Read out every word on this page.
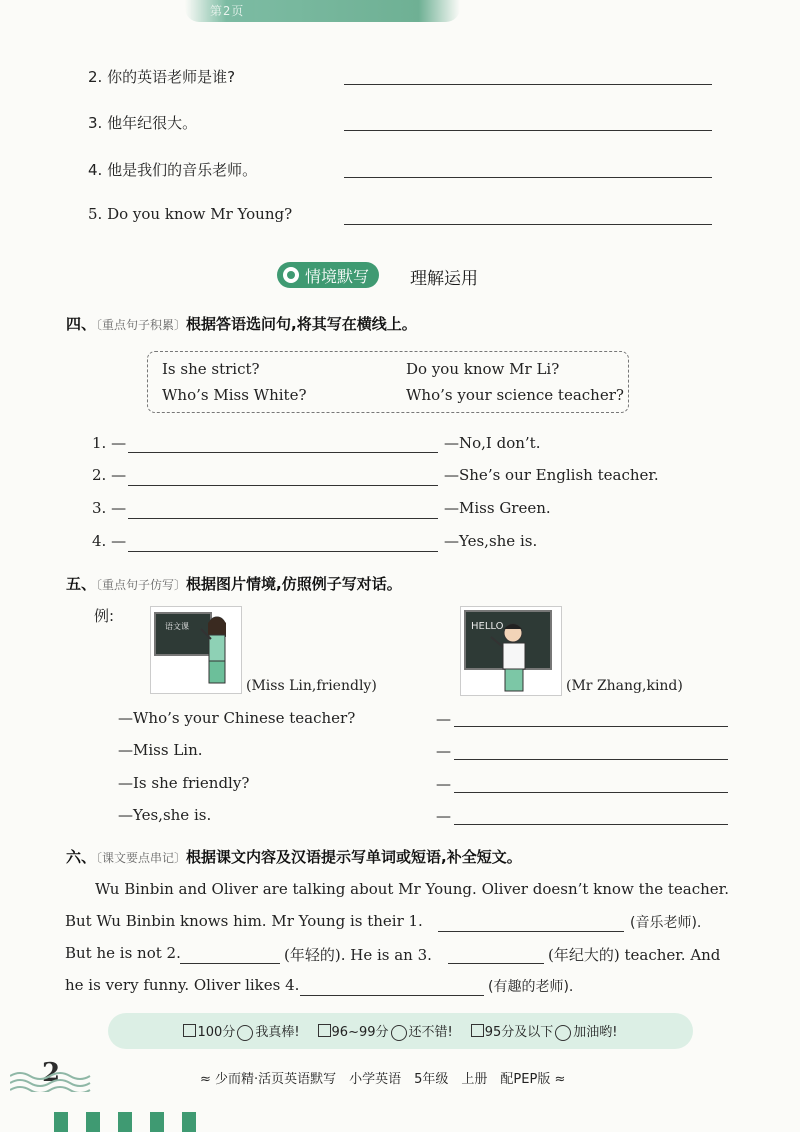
第2页
2. 你的英语老师是谁?
3. 他年纪很大。
4. 他是我们的音乐老师。
5. Do you know Mr Young?
情境默写 理解运用
四、〔重点句子积累〕根据答语选问句,将其写在横线上。
Is she strict?	Do you know Mr Li?
Who’s Miss White?	Who’s your science teacher?
1. —	—No,I don’t.
2. —	—She’s our English teacher.
3. —	—Miss Green.
4. —	—Yes,she is.
五、〔重点句子仿写〕根据图片情境,仿照例子写对话。
例:
语文课
(Miss Lin,friendly)
HELLO
(Mr Zhang,kind)
—Who’s your Chinese teacher?
—Miss Lin.
—Is she friendly?
—Yes,she is.
—
—
—
—
六、〔课文要点串记〕根据课文内容及汉语提示写单词或短语,补全短文。
Wu Binbin and Oliver are talking about Mr Young. Oliver doesn’t know the teacher.
But Wu Binbin knows him. Mr Young is their 1.	(音乐老师).
But he is not 2.	(年轻的). He is an 3.	(年纪大的) teacher. And
he is very funny. Oliver likes 4.	(有趣的老师).
100分 我真棒!	96~99分 还不错!	95分及以下 加油哟!
2	≈ 少而精·活页英语默写　小学英语　5年级　上册　配PEP版 ≈
